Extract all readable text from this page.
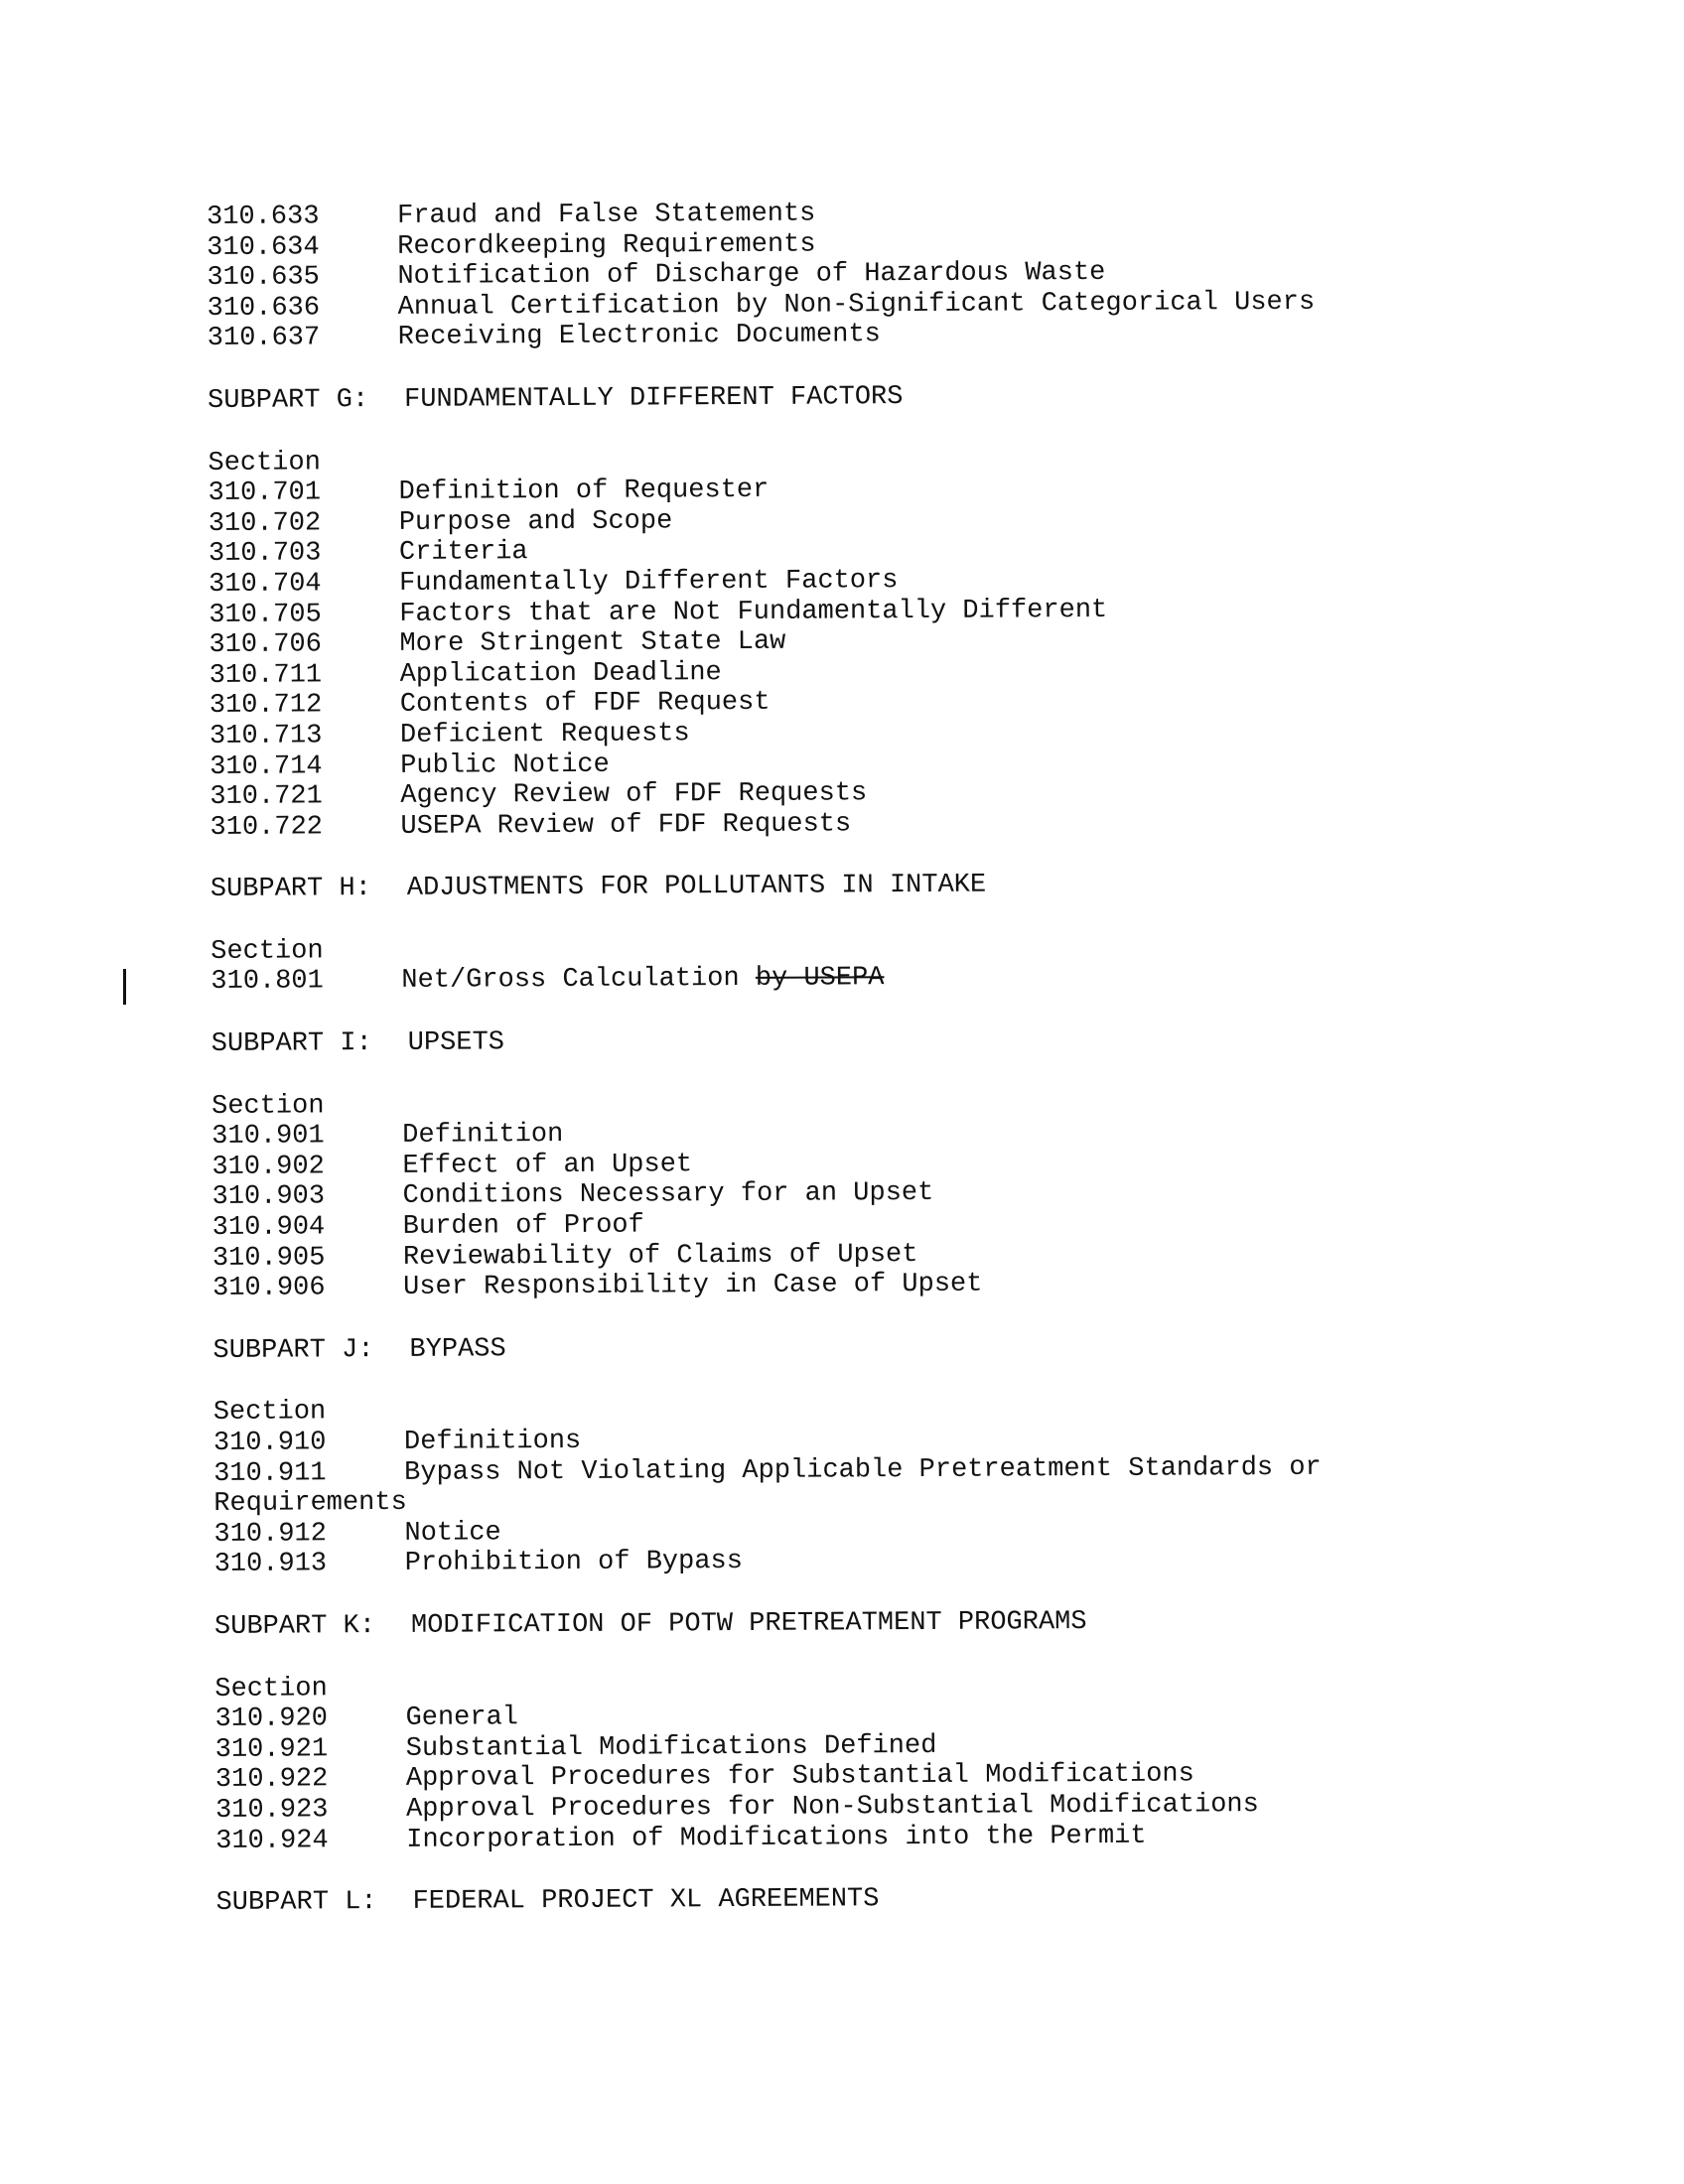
310.633	Fraud and False Statements
310.634	Recordkeeping Requirements
310.635	Notification of Discharge of Hazardous Waste
310.636	Annual Certification by Non-Significant Categorical Users
310.637	Receiving Electronic Documents
SUBPART G:	FUNDAMENTALLY DIFFERENT FACTORS
Section
310.701	Definition of Requester
310.702	Purpose and Scope
310.703	Criteria
310.704	Fundamentally Different Factors
310.705	Factors that are Not Fundamentally Different
310.706	More Stringent State Law
310.711	Application Deadline
310.712	Contents of FDF Request
310.713	Deficient Requests
310.714	Public Notice
310.721	Agency Review of FDF Requests
310.722	USEPA Review of FDF Requests
SUBPART H:	ADJUSTMENTS FOR POLLUTANTS IN INTAKE
Section
310.801	Net/Gross Calculation
by USEPA
SUBPART I:	UPSETS
Section
310.901	Definition
310.902	Effect of an Upset
310.903	Conditions Necessary for an Upset
310.904	Burden of Proof
310.905	Reviewability of Claims of Upset
310.906	User Responsibility in Case of Upset
SUBPART J:	BYPASS
Section
310.910	Definitions
310.911	Bypass Not Violating Applicable Pretreatment Standards or
Requirements
310.912	Notice
310.913	Prohibition of Bypass
SUBPART K:	MODIFICATION OF POTW PRETREATMENT PROGRAMS
Section
310.920	General
310.921	Substantial Modifications Defined
310.922	Approval Procedures for Substantial Modifications
310.923	Approval Procedures for Non-Substantial Modifications
310.924	Incorporation of Modifications into the Permit
SUBPART L:	FEDERAL PROJECT XL AGREEMENTS
